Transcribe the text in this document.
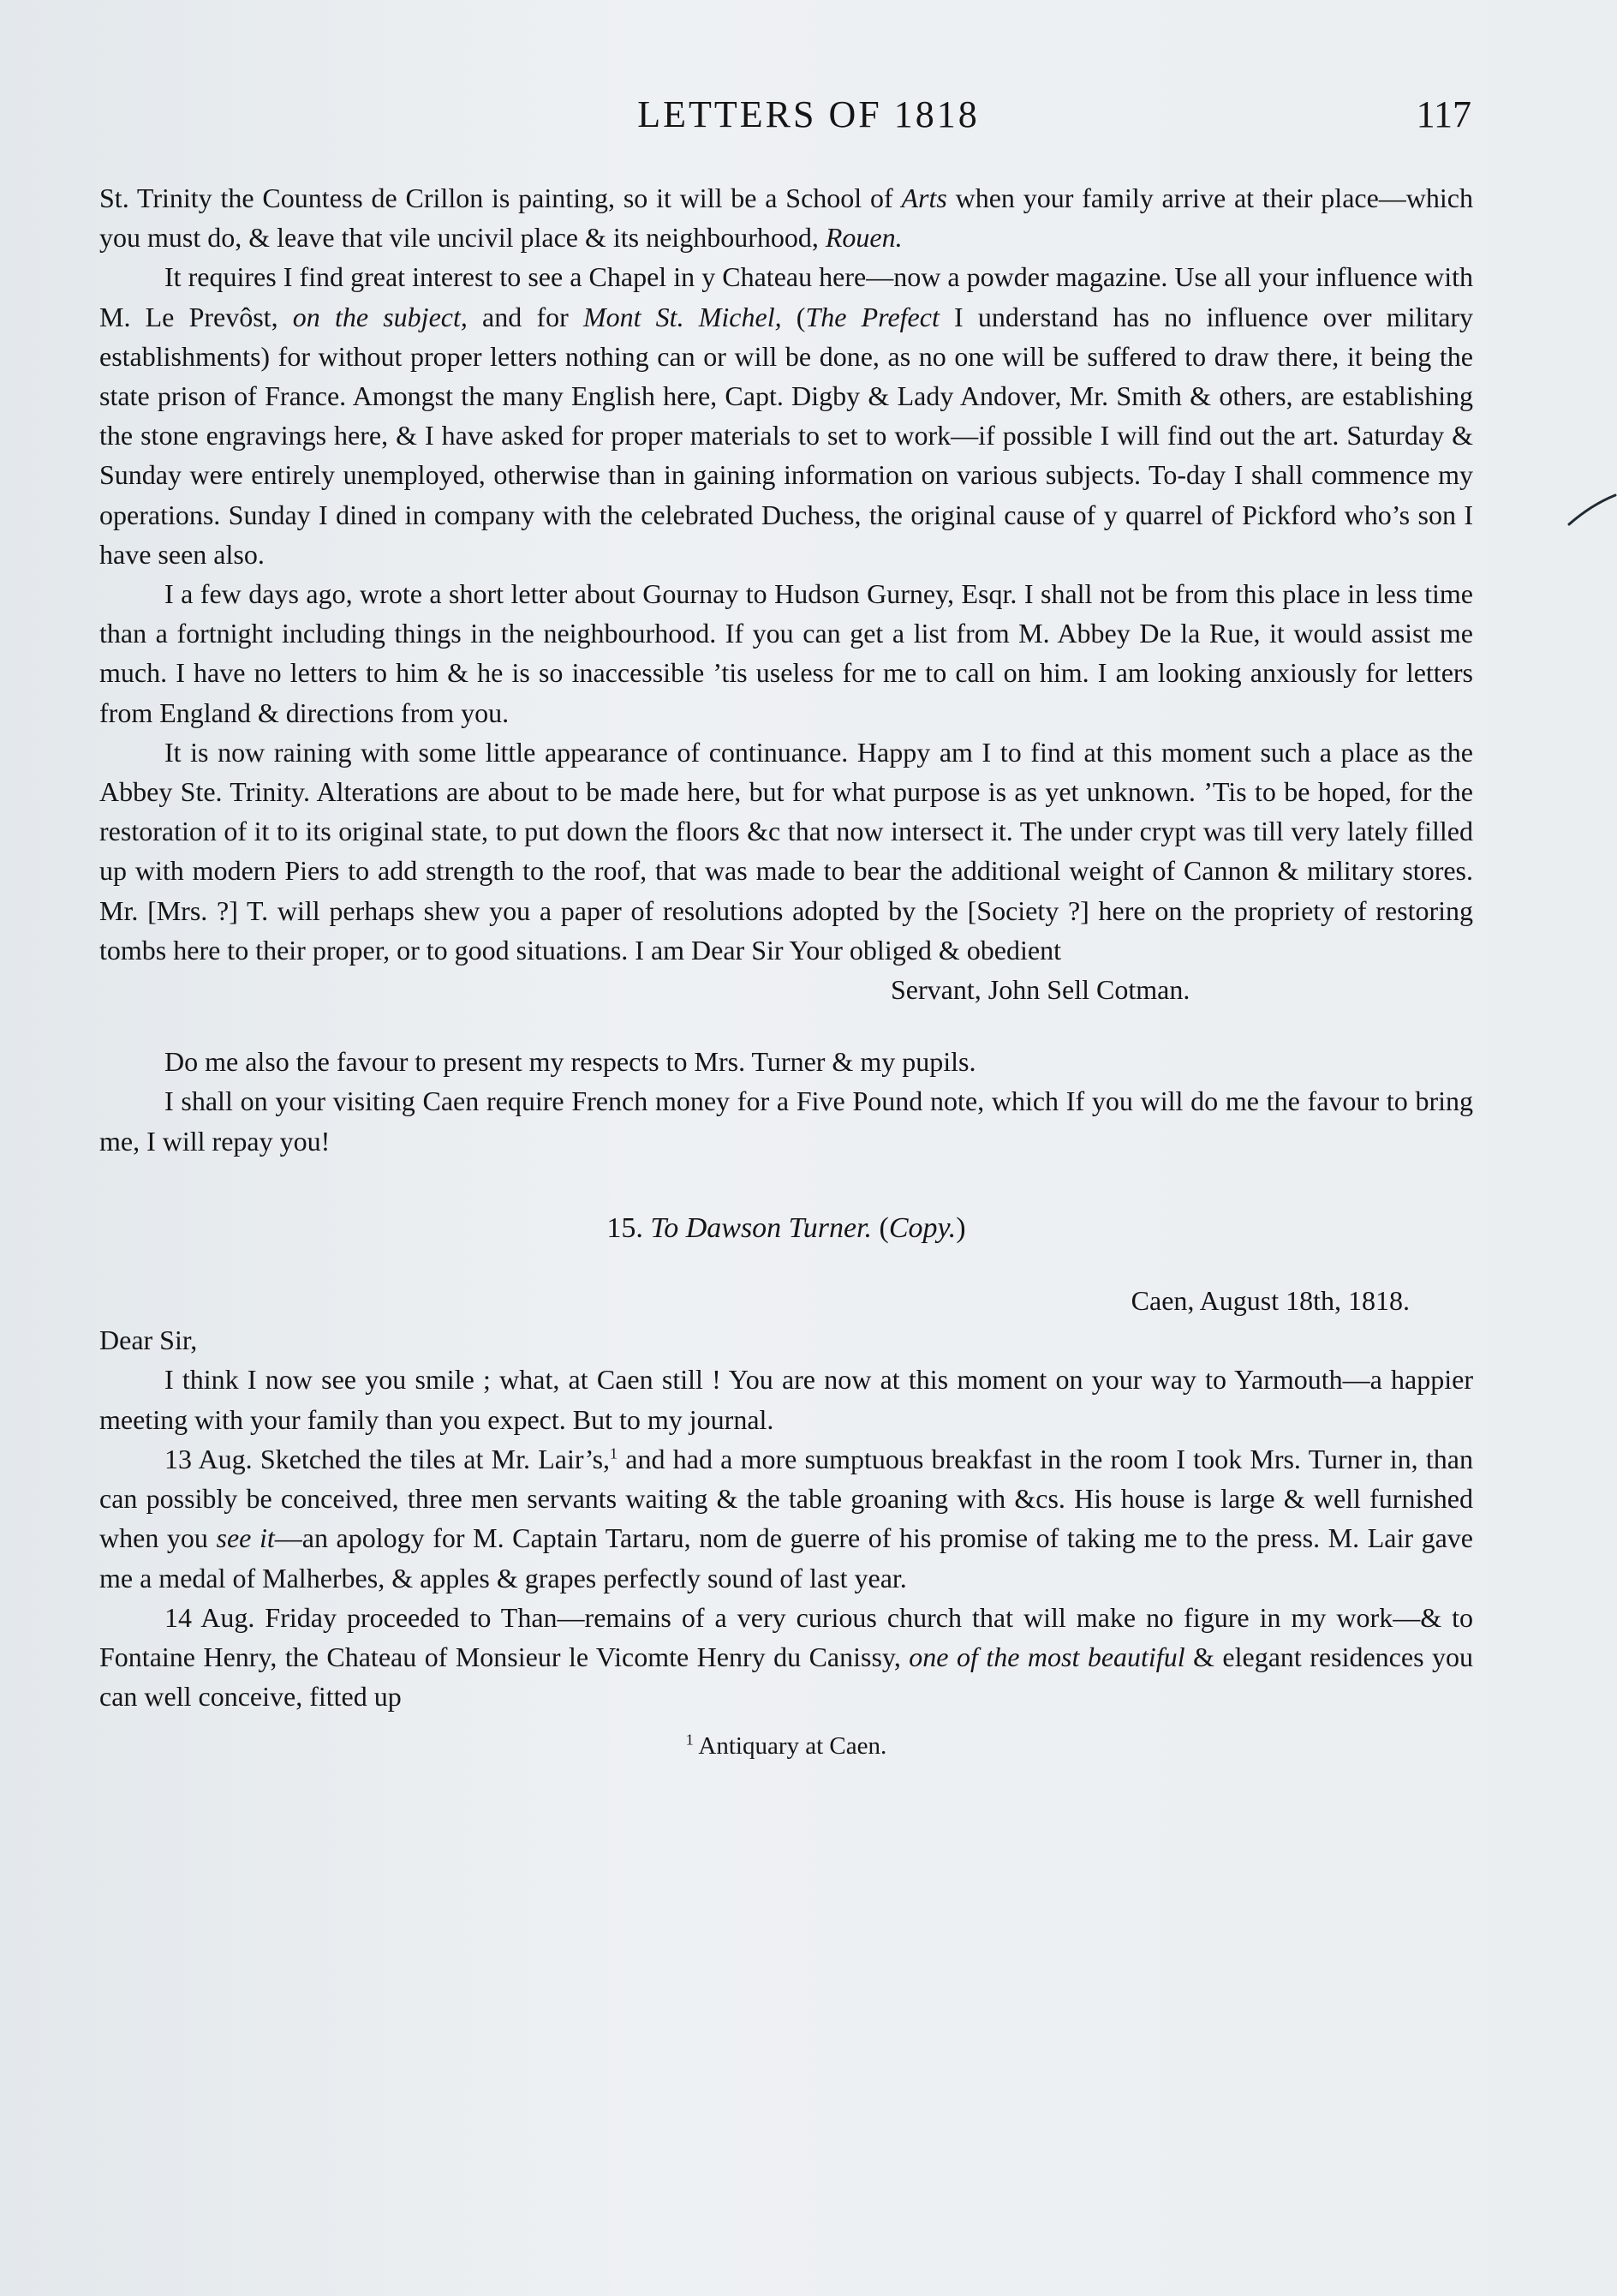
LETTERS OF 1818	117

St. Trinity the Countess de Crillon is painting, so it will be a School of Arts when your family arrive at their place—which you must do, & leave that vile uncivil place & its neighbourhood, Rouen.

It requires I find great interest to see a Chapel in y Chateau here—now a powder magazine. Use all your influence with M. Le Prevôst, on the subject, and for Mont St. Michel, (The Prefect I understand has no influence over military establishments) for without proper letters nothing can or will be done, as no one will be suffered to draw there, it being the state prison of France. Amongst the many English here, Capt. Digby & Lady Andover, Mr. Smith & others, are establishing the stone engravings here, & I have asked for proper materials to set to work—if possible I will find out the art. Saturday & Sunday were entirely unemployed, otherwise than in gaining information on various subjects. To-day I shall commence my operations. Sunday I dined in company with the celebrated Duchess, the original cause of y quarrel of Pickford who’s son I have seen also.

I a few days ago, wrote a short letter about Gournay to Hudson Gurney, Esqr. I shall not be from this place in less time than a fortnight including things in the neighbourhood. If you can get a list from M. Abbey De la Rue, it would assist me much. I have no letters to him & he is so inaccessible ’tis useless for me to call on him. I am looking anxiously for letters from England & directions from you.

It is now raining with some little appearance of continuance. Happy am I to find at this moment such a place as the Abbey Ste. Trinity. Alterations are about to be made here, but for what purpose is as yet unknown. ’Tis to be hoped, for the restoration of it to its original state, to put down the floors &c that now intersect it. The under crypt was till very lately filled up with modern Piers to add strength to the roof, that was made to bear the additional weight of Cannon & military stores. Mr. [Mrs. ?] T. will perhaps shew you a paper of resolutions adopted by the [Society ?] here on the propriety of restoring tombs here to their proper, or to good situations. I am Dear Sir Your obliged & obedient

Servant, John Sell Cotman.

Do me also the favour to present my respects to Mrs. Turner & my pupils.

I shall on your visiting Caen require French money for a Five Pound note, which If you will do me the favour to bring me, I will repay you!

15. To Dawson Turner. (Copy.)

Caen, August 18th, 1818.

Dear Sir,

I think I now see you smile ; what, at Caen still ! You are now at this moment on your way to Yarmouth—a happier meeting with your family than you expect. But to my journal.

13 Aug. Sketched the tiles at Mr. Lair’s,$^1$ and had a more sumptuous breakfast in the room I took Mrs. Turner in, than can possibly be conceived, three men servants waiting & the table groaning with &cs. His house is large & well furnished when you see it—an apology for M. Captain Tartaru, nom de guerre of his promise of taking me to the press. M. Lair gave me a medal of Malherbes, & apples & grapes perfectly sound of last year.

14 Aug. Friday proceeded to Than—remains of a very curious church that will make no figure in my work—& to Fontaine Henry, the Chateau of Monsieur le Vicomte Henry du Canissy, one of the most beautiful & elegant residences you can well conceive, fitted up

$^1$ Antiquary at Caen.
